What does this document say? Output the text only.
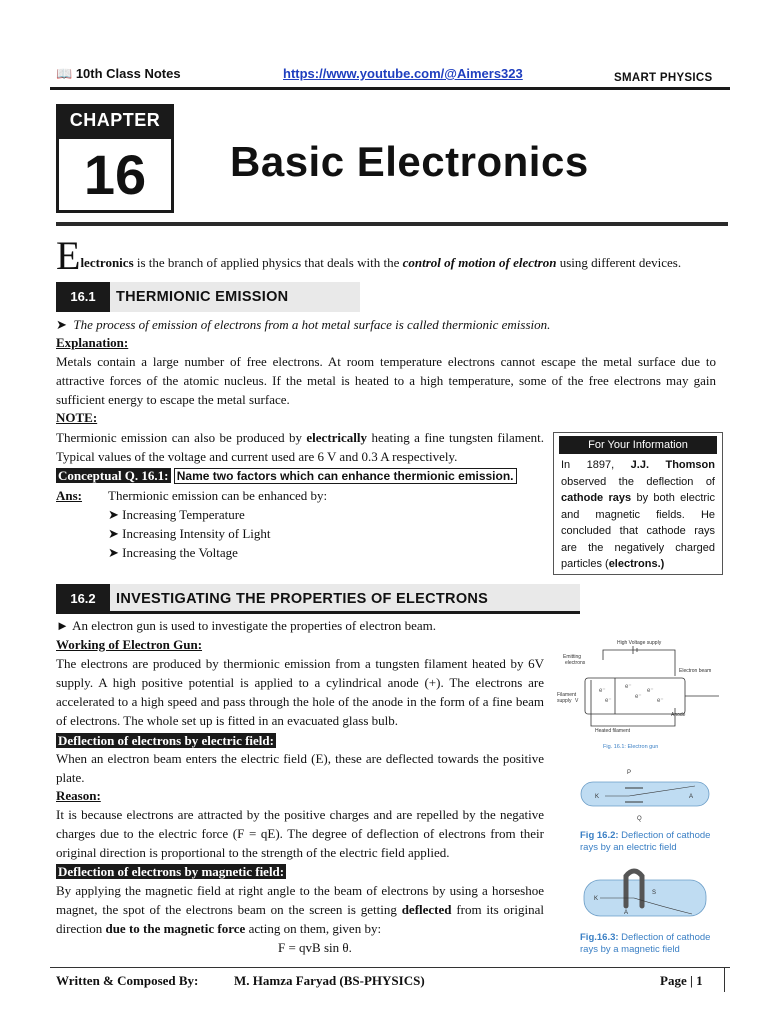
📖 10th Class Notes	https://www.youtube.com/@Aimers323	SMART PHYSICS
CHAPTER
16	Basic Electronics
Electronics is the branch of applied physics that deals with the control of motion of electron using different devices.
16.1	THERMIONIC EMISSION
➤  The process of emission of electrons from a hot metal surface is called thermionic emission.
Explanation:
Metals contain a large number of free electrons. At room temperature electrons cannot escape the metal surface due to attractive forces of the atomic nucleus. If the metal is heated to a high temperature, some of the free electrons may gain sufficient energy to escape the metal surface.
NOTE:
Thermionic emission can also be produced by electrically heating a fine tungsten filament. Typical values of the voltage and current used are 6 V and 0.3 A respectively.
Conceptual Q. 16.1: Name two factors which can enhance thermionic emission.
Ans: Thermionic emission can be enhanced by:
➤ Increasing Temperature
➤ Increasing Intensity of Light
➤ Increasing the Voltage
For Your Information
In 1897, J.J. Thomson observed the deflection of cathode rays by both electric and magnetic fields. He concluded that cathode rays are the negatively charged particles (electrons.)
16.2	INVESTIGATING THE PROPERTIES OF ELECTRONS
► An electron gun is used to investigate the properties of electron beam.
Working of Electron Gun:
The electrons are produced by thermionic emission from a tungsten filament heated by 6V supply. A high positive potential is applied to a cylindrical anode (+). The electrons are accelerated to a high speed and pass through the hole of the anode in the form of a fine beam of electrons. The whole set up is fitted in an evacuated glass bulb.
Deflection of electrons by electric field:
When an electron beam enters the electric field (E), these are deflected towards the positive plate.
Reason:
It is because electrons are attracted by the positive charges and are repelled by the negative charges due to the electric force (F = qE). The degree of deflection of electrons from their original direction is proportional to the strength of the electric field applied.
Deflection of electrons by magnetic field:
By applying the magnetic field at right angle to the beam of electrons by using a horseshoe magnet, the spot of the electrons beam on the screen is getting deflected from its original direction due to the magnetic force acting on them, given by:
F = qvB sin θ.
High Voltage supply
Emitting
electrons
Electron beam
Filament
supply V
Anode
Heated filament
e⁻
e⁻
e⁻
e⁻
e⁻
e⁻
Fig. 16.1: Electron gun
P
Q
K	A
Fig 16.2: Deflection of cathode rays by an electric field
S
K
A
Fig.16.3: Deflection of cathode rays by a magnetic field
Written & Composed By:	M. Hamza Faryad (BS-PHYSICS)	Page | 1
